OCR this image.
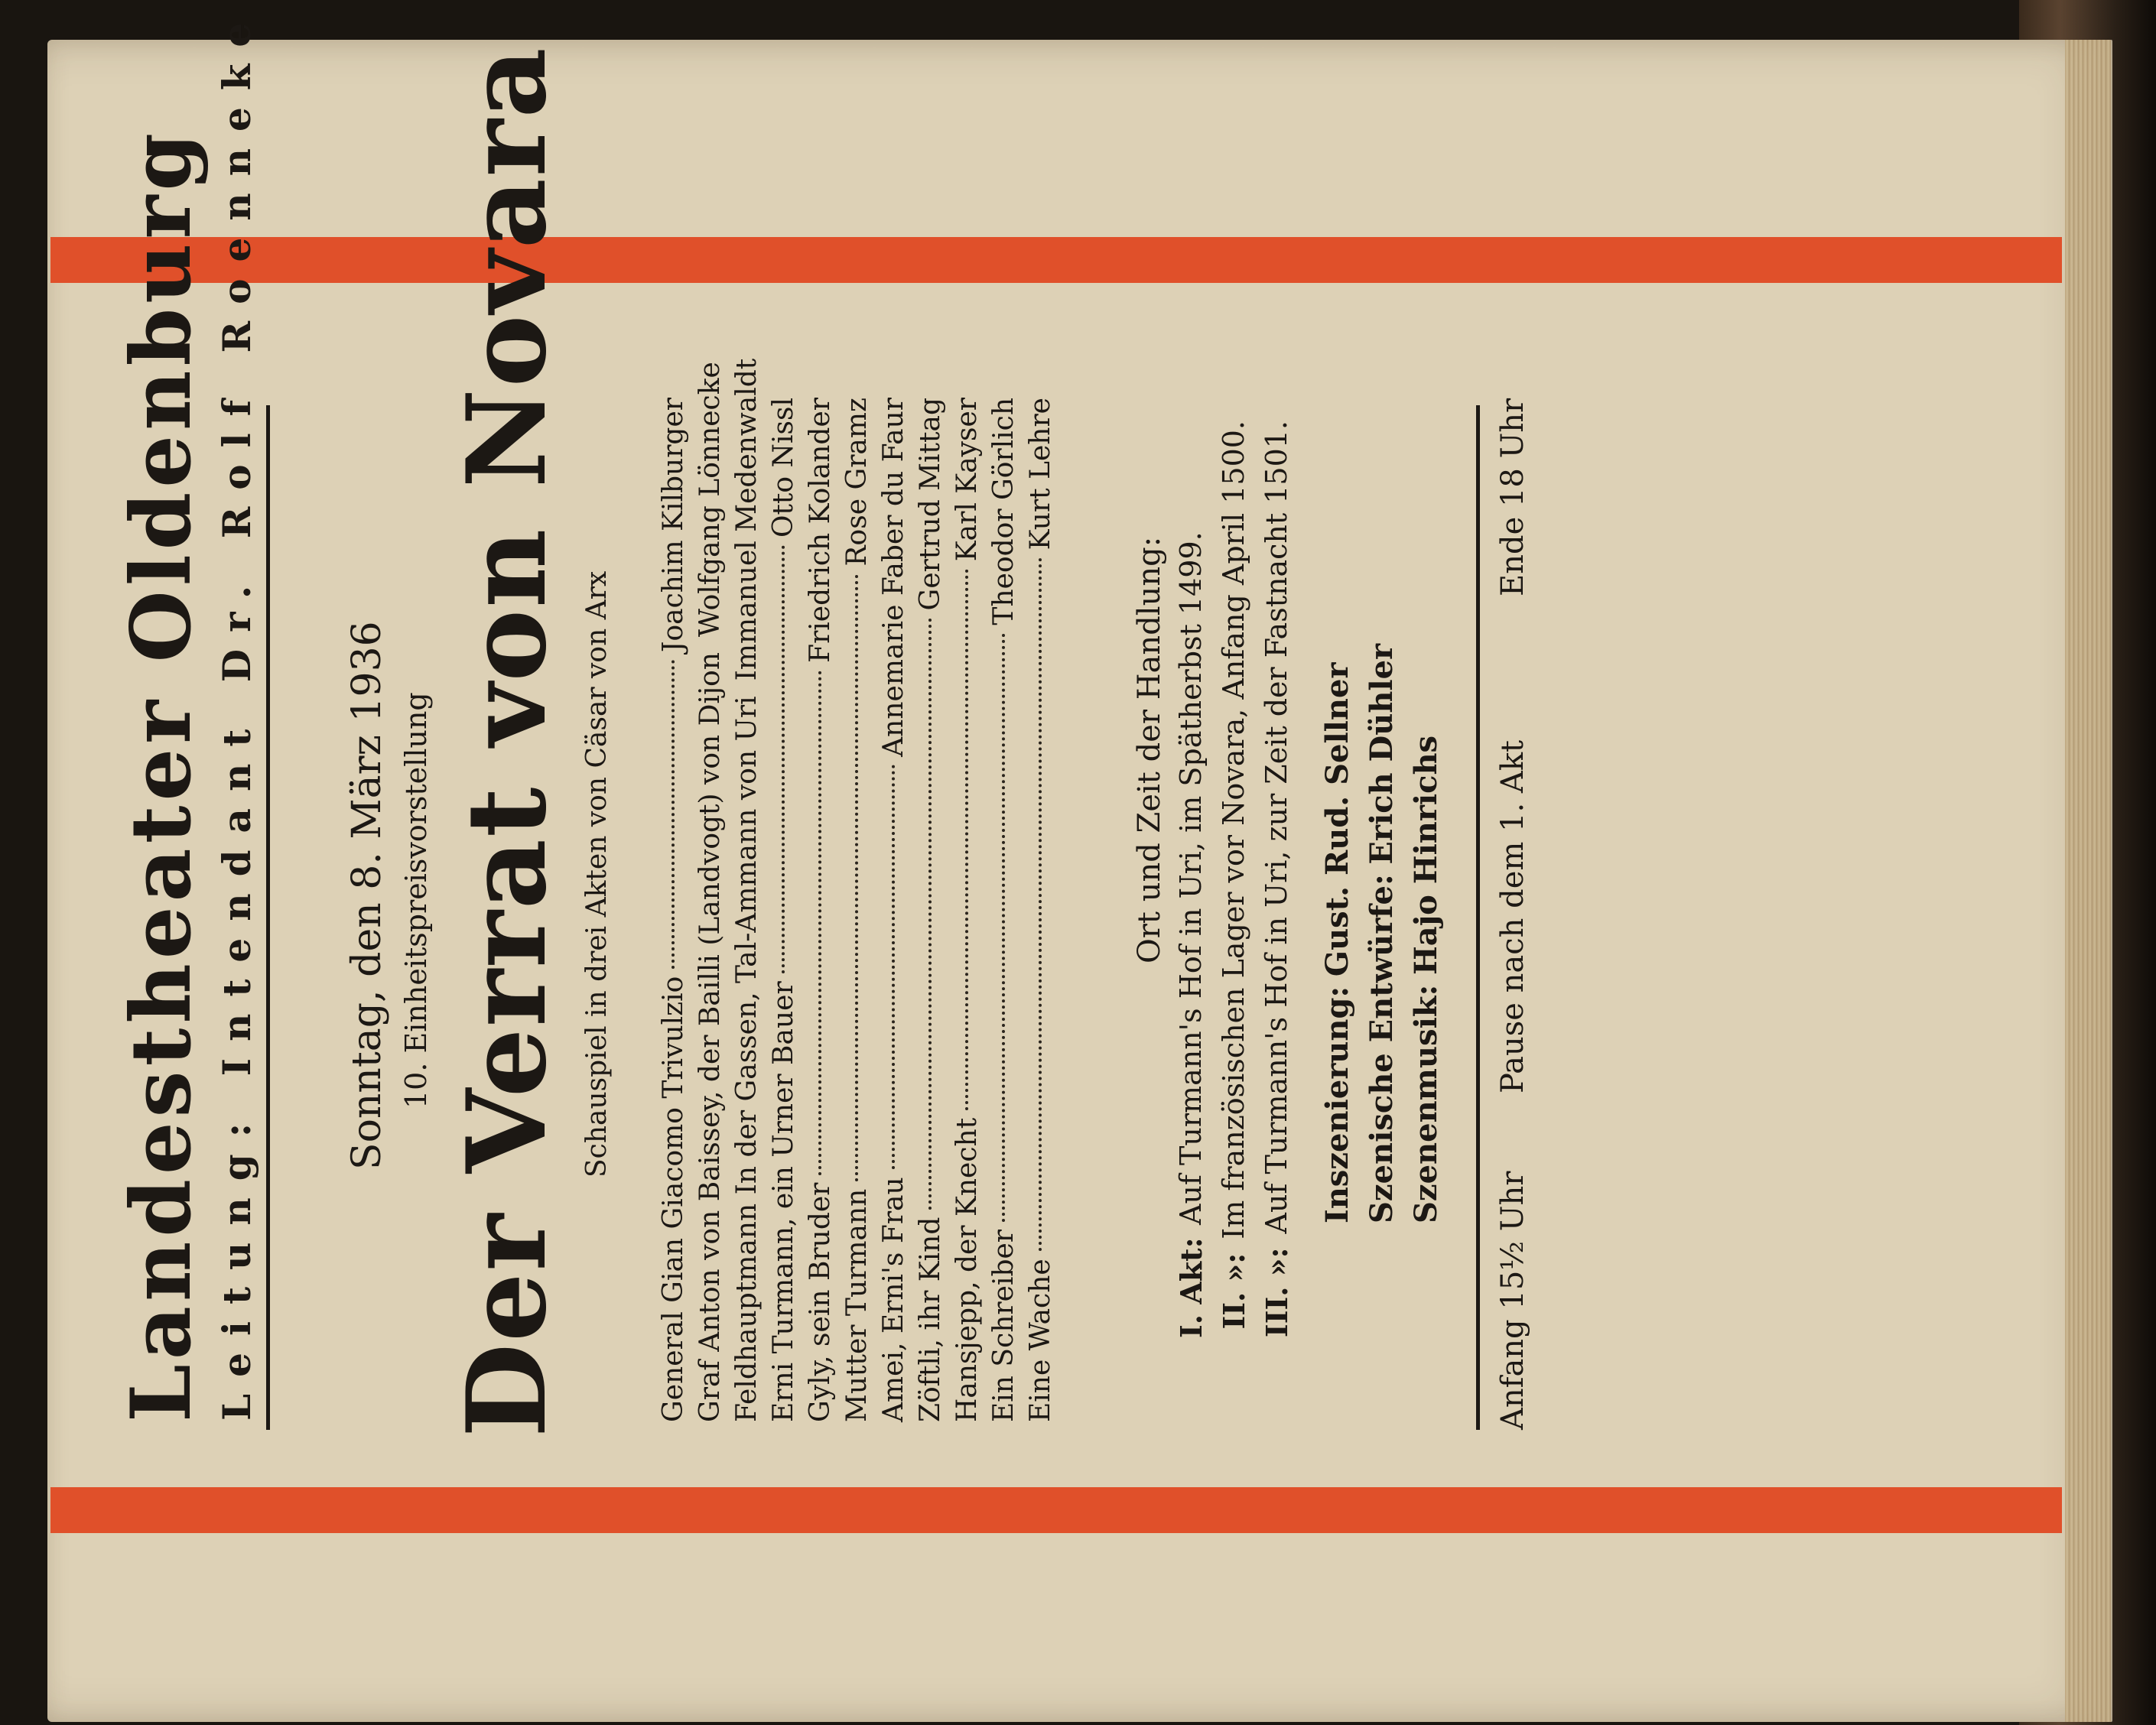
Landestheater Oldenburg Leitung: Intendant Dr. Rolf Roenneke Sonntag, den 8. März 1936 10. Einheitspreisvorstellung Der Verrat von Novara Schauspiel in drei Akten von Cäsar von Arx
General Gian Giacomo Trivulzio
Joachim Kilburger
Graf Anton von Baissey, der Bailli (Landvogt) von Dijon
Wolfgang Lönnecke
Feldhauptmann In der Gassen, Tal-Ammann von Uri
Immanuel Medenwaldt
Erni Turmann, ein Urner Bauer
Otto Nissl
Gyly, sein Bruder
Friedrich Kolander
Mutter Turmann
Rose Gramz
Amei, Erni's Frau
Annemarie Faber du Faur
Zöftli, ihr Kind
Gertrud Mittag
Hansjepp, der Knecht
Karl Kayser
Ein Schreiber
Theodor Görlich
Eine Wache
Kurt Lehre
Ort und Zeit der Handlung:
I. Akt:
Auf Turmann's Hof in Uri, im Spätherbst 1499.
II. »:
Im französischen Lager vor Novara, Anfang April 1500.
III. »:
Auf Turmann's Hof in Uri, zur Zeit der Fastnacht 1501. Inszenierung: Gust. Rud. Sellner
Szenische Entwürfe: Erich Dühler
Szenenmusik: Hajo Hinrichs
Anfang 15½ Uhr
Pause nach dem 1. Akt
Ende 18 Uhr
